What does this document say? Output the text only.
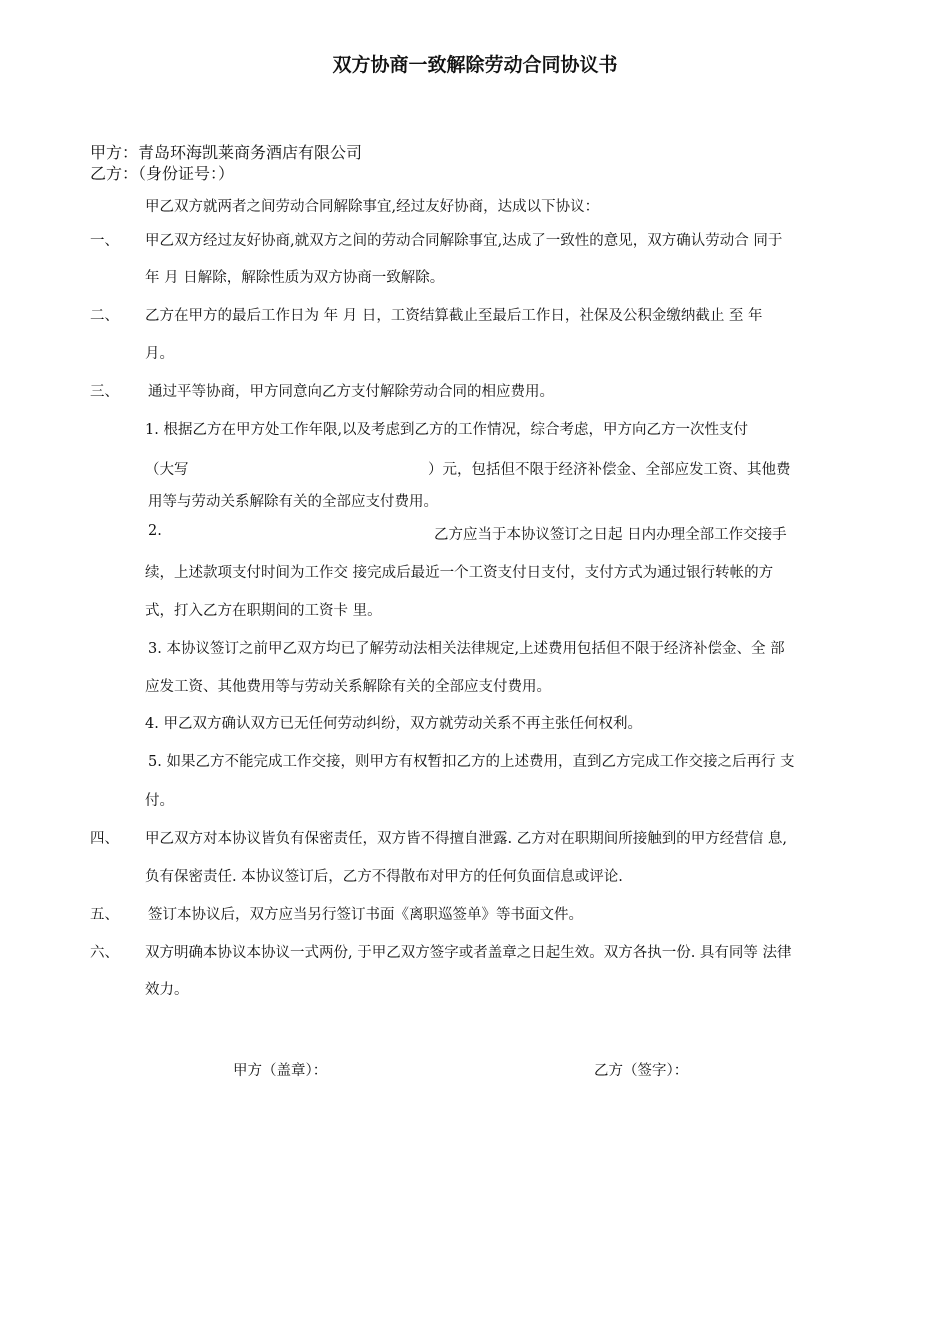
双方协商一致解除劳动合同协议书
甲方：青岛环海凯莱商务酒店有限公司
乙方：（身份证号：）
甲乙双方就两者之间劳动合同解除事宜,经过友好协商，达成以下协议：
一、 甲乙双方经过友好协商,就双方之间的劳动合同解除事宜,达成了一致性的意见，双方确认劳动合 同于
年 月 日解除，解除性质为双方协商一致解除。
二、 乙方在甲方的最后工作日为 年 月 日，工资结算截止至最后工作日，社保及公积金缴纳截止 至 年
月。
三、 通过平等协商，甲方同意向乙方支付解除劳动合同的相应费用。
1. 根据乙方在甲方处工作年限,以及考虑到乙方的工作情况，综合考虑，甲方向乙方一次性支付
（大写	）元，包括但不限于经济补偿金、全部应发工资、其他费
用等与劳动关系解除有关的全部应支付费用。
2.	乙方应当于本协议签订之日起 日内办理全部工作交接手
续，上述款项支付时间为工作交 接完成后最近一个工资支付日支付，支付方式为通过银行转帐的方
式，打入乙方在职期间的工资卡 里。
3. 本协议签订之前甲乙双方均已了解劳动法相关法律规定,上述费用包括但不限于经济补偿金、全 部
应发工资、其他费用等与劳动关系解除有关的全部应支付费用。
4. 甲乙双方确认双方已无任何劳动纠纷，双方就劳动关系不再主张任何权利。
5. 如果乙方不能完成工作交接，则甲方有权暂扣乙方的上述费用，直到乙方完成工作交接之后再行 支
付。
四、 甲乙双方对本协议皆负有保密责任，双方皆不得擅自泄露. 乙方对在职期间所接触到的甲方经营信 息,
负有保密责任. 本协议签订后，乙方不得散布对甲方的任何负面信息或评论.
五、 签订本协议后，双方应当另行签订书面《离职巡签单》等书面文件。
六、 双方明确本协议本协议一式两份, 于甲乙双方签字或者盖章之日起生效。双方各执一份. 具有同等 法律
效力。
甲方（盖章）：	乙方（签字）：
